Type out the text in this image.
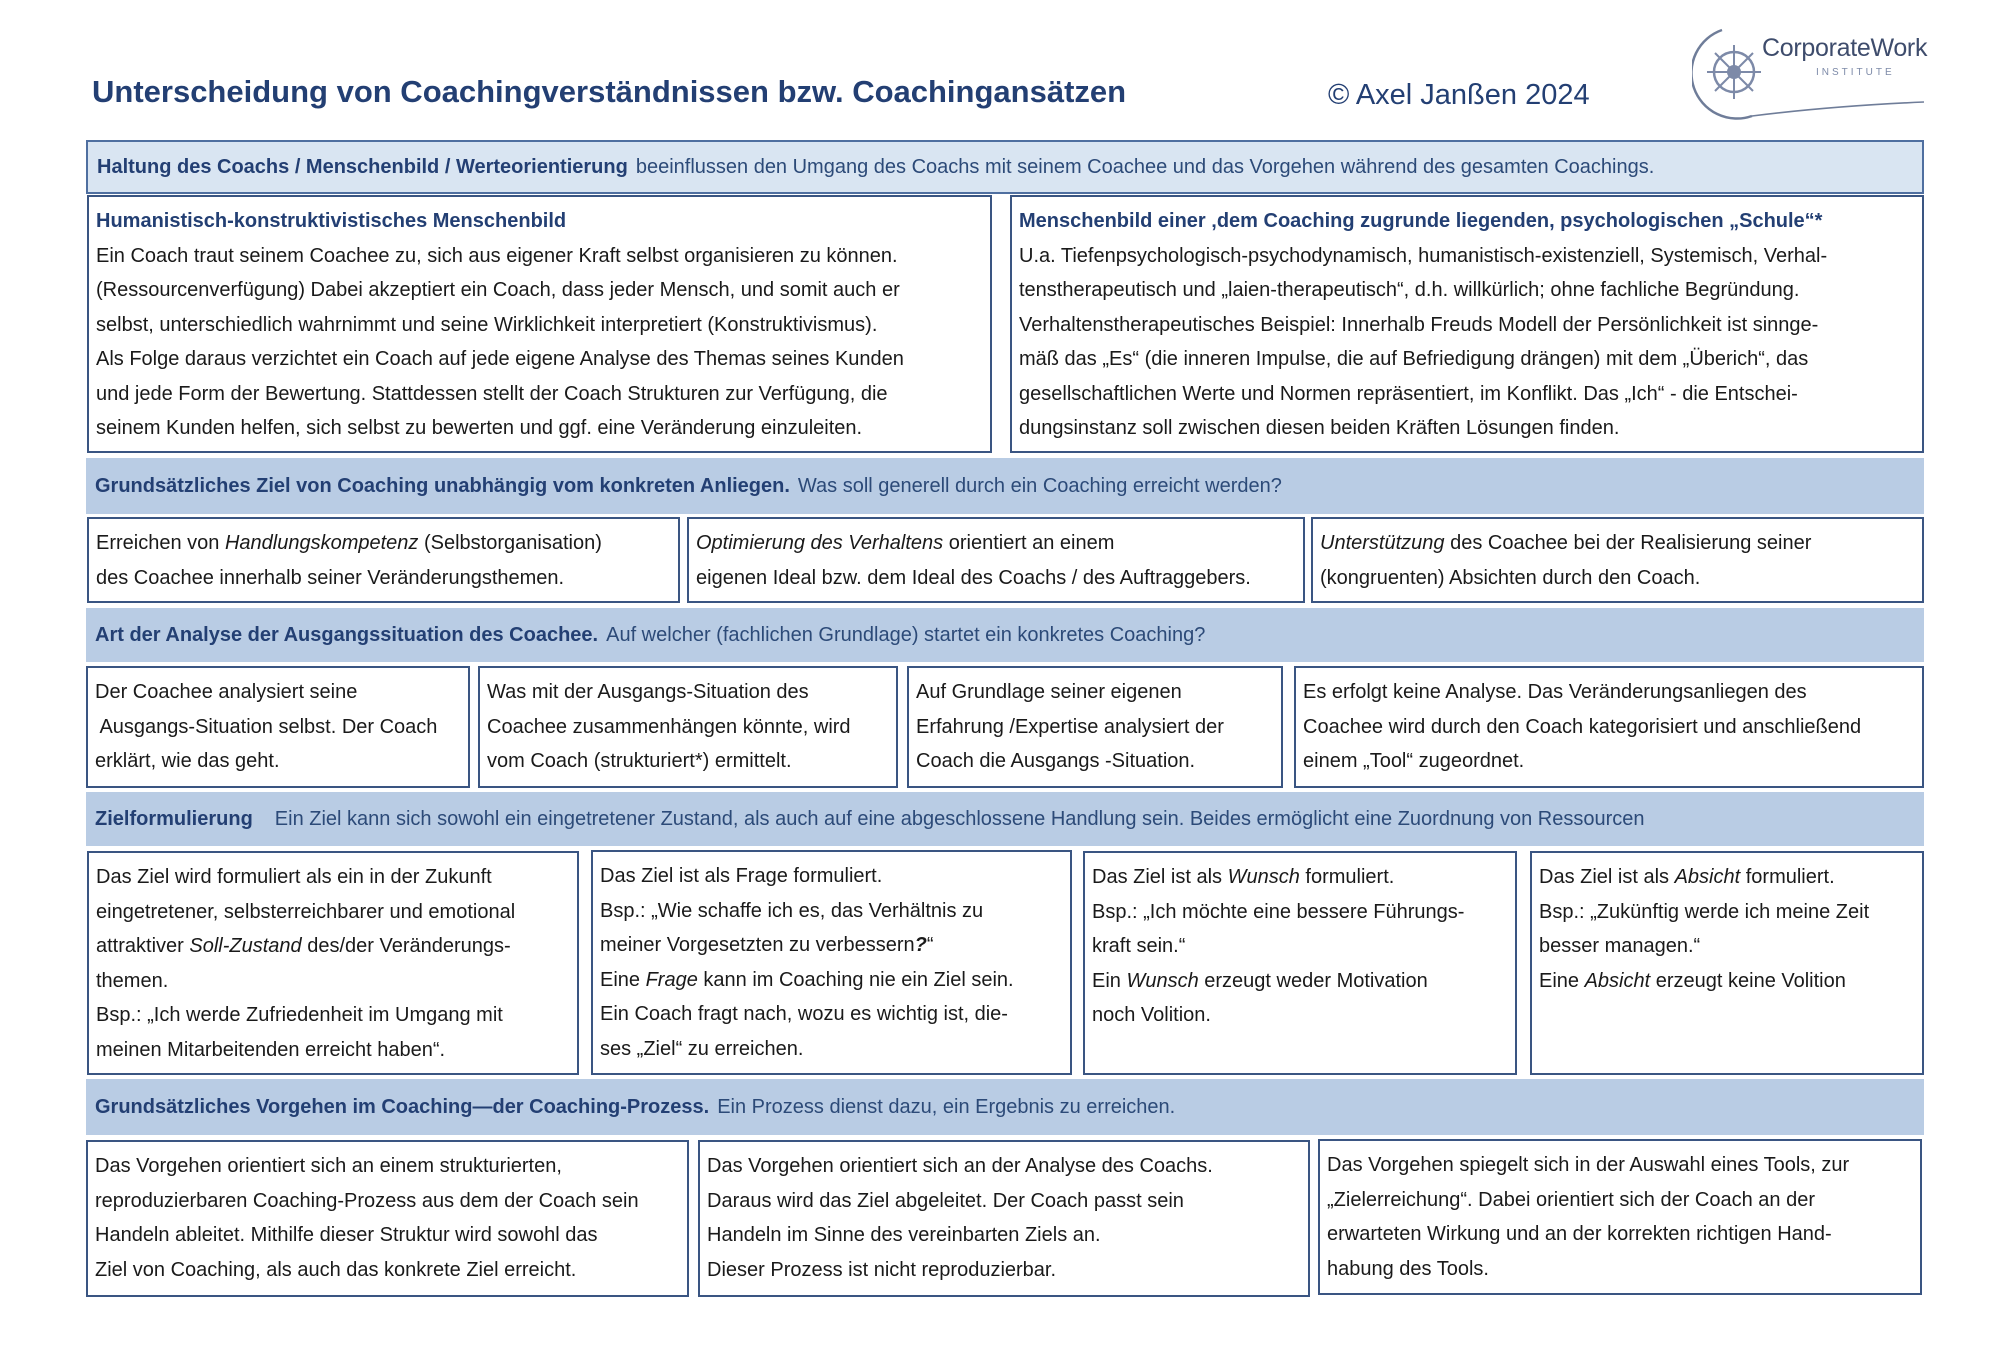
Unterscheidung von Coachingverständnissen bzw. Coachingansätzen	© Axel Janßen 2024
CorporateWork
INSTITUTE
Haltung des Coachs / Menschenbild / Werteorientierung beeinflussen den Umgang des Coachs mit seinem Coachee und das Vorgehen während des gesamten Coachings.
Humanistisch-konstruktivistisches Menschenbild
Ein Coach traut seinem Coachee zu, sich aus eigener Kraft selbst organisieren zu können.
(Ressourcenverfügung) Dabei akzeptiert ein Coach, dass jeder Mensch, und somit auch er
selbst, unterschiedlich wahrnimmt und seine Wirklichkeit interpretiert (Konstruktivismus).
Als Folge daraus verzichtet ein Coach auf jede eigene Analyse des Themas seines Kunden
und jede Form der Bewertung. Stattdessen stellt der Coach Strukturen zur Verfügung, die
seinem Kunden helfen, sich selbst zu bewerten und ggf. eine Veränderung einzuleiten.
Menschenbild einer ‚dem Coaching zugrunde liegenden, psychologischen „Schule“*
U.a. Tiefenpsychologisch-psychodynamisch, humanistisch-existenziell, Systemisch, Verhal-
tenstherapeutisch und „laien-therapeutisch“, d.h. willkürlich; ohne fachliche Begründung.
Verhaltenstherapeutisches Beispiel: Innerhalb Freuds Modell der Persönlichkeit ist sinnge-
mäß das „Es“ (die inneren Impulse, die auf Befriedigung drängen) mit dem „Überich“, das
gesellschaftlichen Werte und Normen repräsentiert, im Konflikt. Das „Ich“ - die Entschei-
dungsinstanz soll zwischen diesen beiden Kräften Lösungen finden.
Grundsätzliches Ziel von Coaching unabhängig vom konkreten Anliegen. Was soll generell durch ein Coaching erreicht werden?
Erreichen von Handlungskompetenz (Selbstorganisation)
des Coachee innerhalb seiner Veränderungsthemen.
Optimierung des Verhaltens orientiert an einem
eigenen Ideal bzw. dem Ideal des Coachs / des Auftraggebers.
Unterstützung des Coachee bei der Realisierung seiner
(kongruenten) Absichten durch den Coach.
Art der Analyse der Ausgangssituation des Coachee. Auf welcher (fachlichen Grundlage) startet ein konkretes Coaching?
Der Coachee analysiert seine
Ausgangs-Situation selbst. Der Coach
erklärt, wie das geht.
Was mit der Ausgangs-Situation des
Coachee zusammenhängen könnte, wird
vom Coach (strukturiert*) ermittelt.
Auf Grundlage seiner eigenen
Erfahrung /Expertise analysiert der
Coach die Ausgangs -Situation.
Es erfolgt keine Analyse. Das Veränderungsanliegen des
Coachee wird durch den Coach kategorisiert und anschließend
einem „Tool“ zugeordnet.
Zielformulierung Ein Ziel kann sich sowohl ein eingetretener Zustand, als auch auf eine abgeschlossene Handlung sein. Beides ermöglicht eine Zuordnung von Ressourcen
Das Ziel wird formuliert als ein in der Zukunft
eingetretener, selbsterreichbarer und emotional
attraktiver Soll-Zustand des/der Veränderungs-
themen.
Bsp.: „Ich werde Zufriedenheit im Umgang mit
meinen Mitarbeitenden erreicht haben“.
Das Ziel ist als Frage formuliert.
Bsp.: „Wie schaffe ich es, das Verhältnis zu
meiner Vorgesetzten zu verbessern?“
Eine Frage kann im Coaching nie ein Ziel sein.
Ein Coach fragt nach, wozu es wichtig ist, die-
ses „Ziel“ zu erreichen.
Das Ziel ist als Wunsch formuliert.
Bsp.: „Ich möchte eine bessere Führungs-
kraft sein.“
Ein Wunsch erzeugt weder Motivation
noch Volition.
Das Ziel ist als Absicht formuliert.
Bsp.: „Zukünftig werde ich meine Zeit
besser managen.“
Eine Absicht erzeugt keine Volition
Grundsätzliches Vorgehen im Coaching—der Coaching-Prozess. Ein Prozess dienst dazu, ein Ergebnis zu erreichen.
Das Vorgehen orientiert sich an einem strukturierten,
reproduzierbaren Coaching-Prozess aus dem der Coach sein
Handeln ableitet. Mithilfe dieser Struktur wird sowohl das
Ziel von Coaching, als auch das konkrete Ziel erreicht.
Das Vorgehen orientiert sich an der Analyse des Coachs.
Daraus wird das Ziel abgeleitet. Der Coach passt sein
Handeln im Sinne des vereinbarten Ziels an.
Dieser Prozess ist nicht reproduzierbar.
Das Vorgehen spiegelt sich in der Auswahl eines Tools, zur
„Zielerreichung“. Dabei orientiert sich der Coach an der
erwarteten Wirkung und an der korrekten richtigen Hand-
habung des Tools.
